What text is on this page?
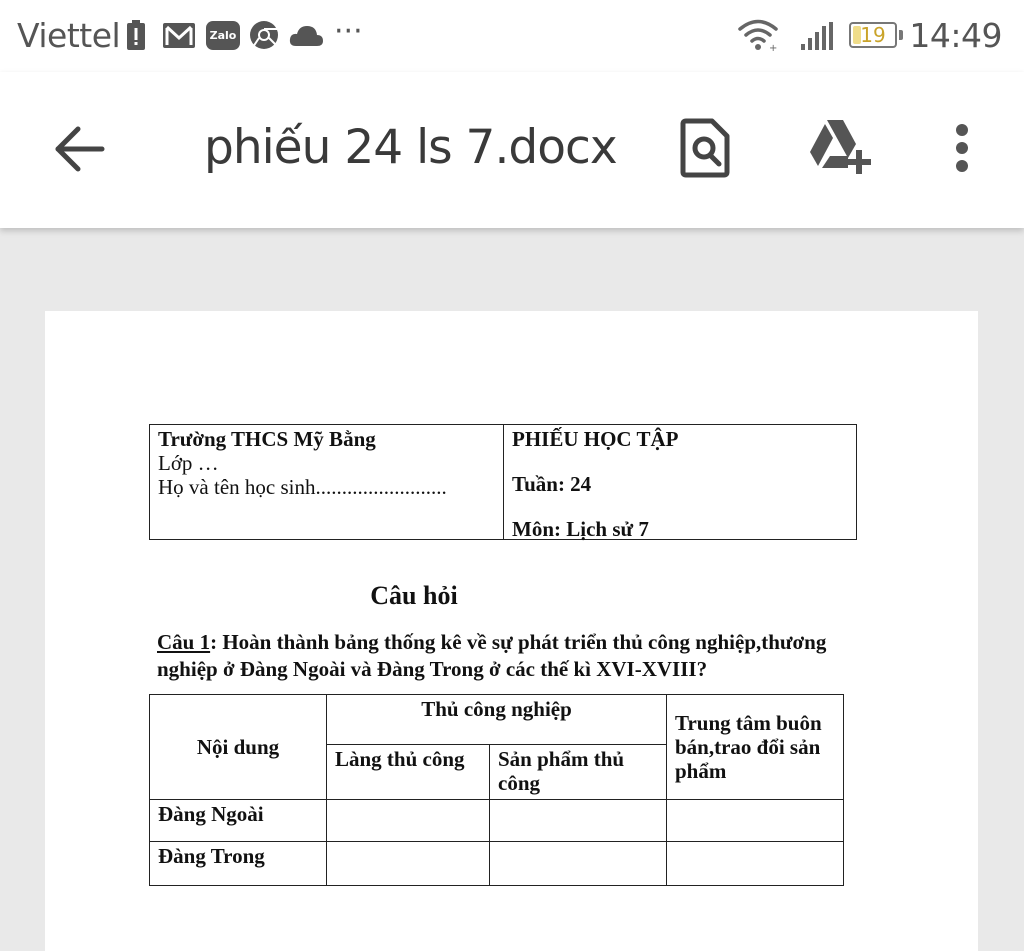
Viettel	Zalo	···	+
19 14:49
phiếu 24 ls 7.docx
Trường THCS Mỹ Bằng
Lớp …
Họ và tên học sinh.........................
PHIẾU HỌC TẬP
Tuần: 24
Môn: Lịch sử 7
Câu hỏi
Câu 1: Hoàn thành bảng thống kê về sự phát triển thủ công nghiệp,thương nghiệp ở Đàng Ngoài và Đàng Trong ở các thế kì XVI-XVIII?
Nội dung	Thủ công nghiệp		Trung tâm buôn bán,trao đổi sản phẩm
	Làng thủ công	Sản phẩm thủ công	
Đàng Ngoài			
Đàng Trong			
